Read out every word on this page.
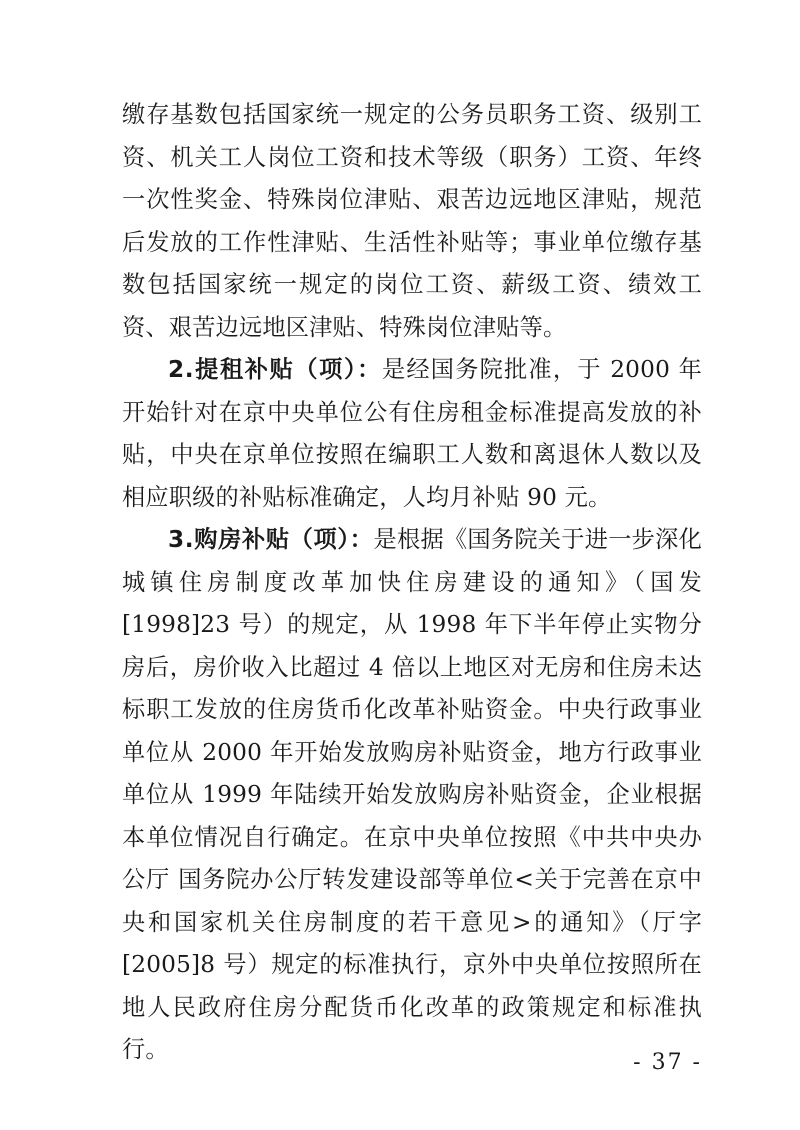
缴存基数包括国家统一规定的公务员职务工资、级别工资、机关工人岗位工资和技术等级（职务）工资、年终一次性奖金、特殊岗位津贴、艰苦边远地区津贴，规范后发放的工作性津贴、生活性补贴等；事业单位缴存基数包括国家统一规定的岗位工资、薪级工资、绩效工资、艰苦边远地区津贴、特殊岗位津贴等。

2.提租补贴（项）：是经国务院批准，于 2000 年开始针对在京中央单位公有住房租金标准提高发放的补贴，中央在京单位按照在编职工人数和离退休人数以及相应职级的补贴标准确定，人均月补贴 90 元。

3.购房补贴（项）：是根据《国务院关于进一步深化城镇住房制度改革加快住房建设的通知》（国发[1998]23 号）的规定，从 1998 年下半年停止实物分房后，房价收入比超过 4 倍以上地区对无房和住房未达标职工发放的住房货币化改革补贴资金。中央行政事业单位从 2000 年开始发放购房补贴资金，地方行政事业单位从 1999 年陆续开始发放购房补贴资金，企业根据本单位情况自行确定。在京中央单位按照《中共中央办公厅 国务院办公厅转发建设部等单位<关于完善在京中央和国家机关住房制度的若干意见>的通知》（厅字[2005]8 号）规定的标准执行，京外中央单位按照所在地人民政府住房分配货币化改革的政策规定和标准执行。	- 37 -
